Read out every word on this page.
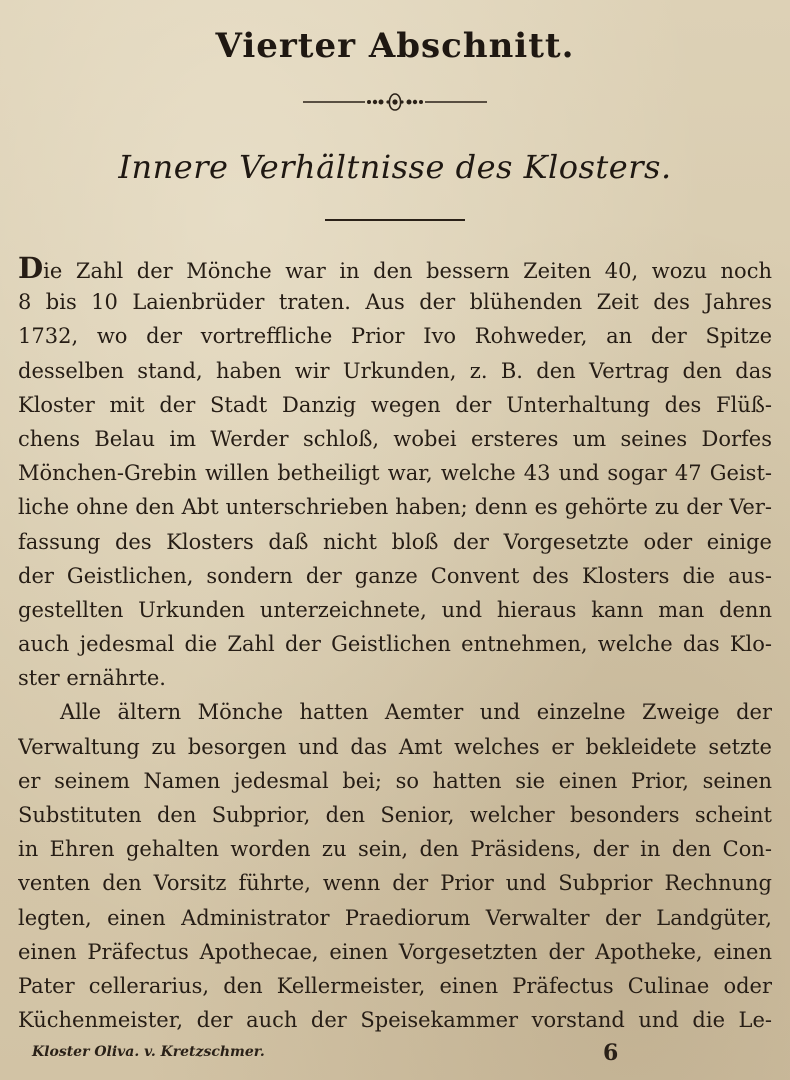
Vierter Abschnitt.
Innere Verhältnisse des Klosters.
Die Zahl der Mönche war in den bessern Zeiten 40, wozu noch
8 bis 10 Laienbrüder traten. Aus der blühenden Zeit des Jahres
1732, wo der vortreffliche Prior Ivo Rohweder, an der Spitze
desselben stand, haben wir Urkunden, z. B. den Vertrag den das
Kloster mit der Stadt Danzig wegen der Unterhaltung des Flüß-
chens Belau im Werder schloß, wobei ersteres um seines Dorfes
Mönchen-Grebin willen betheiligt war, welche 43 und sogar 47 Geist-
liche ohne den Abt unterschrieben haben; denn es gehörte zu der Ver-
fassung des Klosters daß nicht bloß der Vorgesetzte oder einige
der Geistlichen, sondern der ganze Convent des Klosters die aus-
gestellten Urkunden unterzeichnete, und hieraus kann man denn
auch jedesmal die Zahl der Geistlichen entnehmen, welche das Klo-
ster ernährte.
Alle ältern Mönche hatten Aemter und einzelne Zweige der
Verwaltung zu besorgen und das Amt welches er bekleidete setzte
er seinem Namen jedesmal bei; so hatten sie einen Prior, seinen
Substituten den Subprior, den Senior, welcher besonders scheint
in Ehren gehalten worden zu sein, den Präsidens, der in den Con-
venten den Vorsitz führte, wenn der Prior und Subprior Rechnung
legten, einen Administrator Praediorum Verwalter der Landgüter,
einen Präfectus Apothecae, einen Vorgesetzten der Apotheke, einen
Pater cellerarius, den Kellermeister, einen Präfectus Culinae oder
Küchenmeister, der auch der Speisekammer vorstand und die Le-
Kloster Oliva. v. Kretzschmer.	6
